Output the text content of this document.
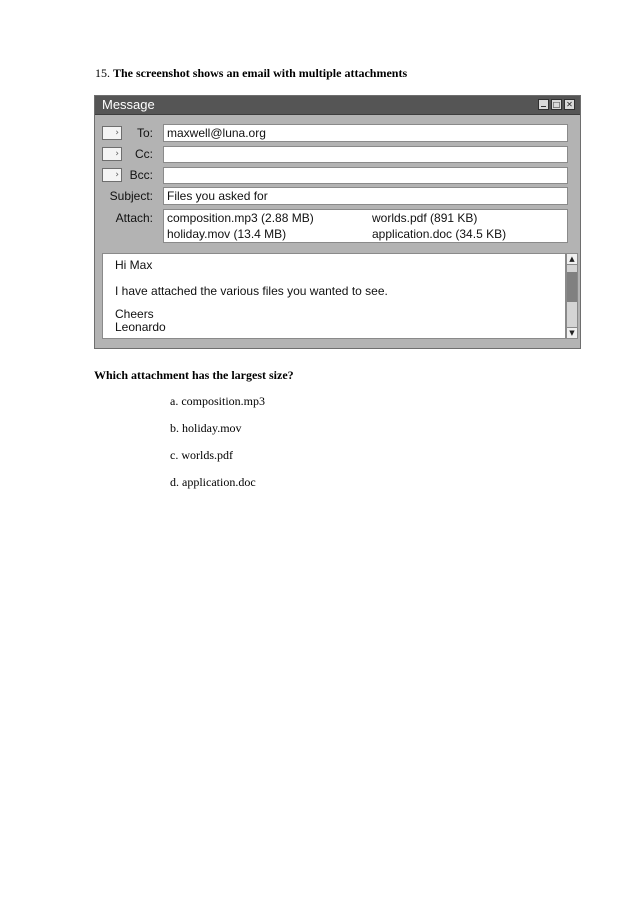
15. The screenshot shows an email with multiple attachments
Message	□ ✕
›	To:	maxwell@luna.org
›	Cc:
› Bcc:
Subject:	Files you asked for
Attach: composition.mp3 (2.88 MB)	worlds.pdf (891 KB)
holiday.mov (13.4 MB)	application.doc (34.5 KB)
Hi Max
I have attached the various files you wanted to see.
Cheers
Leonardo
▲
▼
Which attachment has the largest size?
a. composition.mp3
b. holiday.mov
c. worlds.pdf
d. application.doc
